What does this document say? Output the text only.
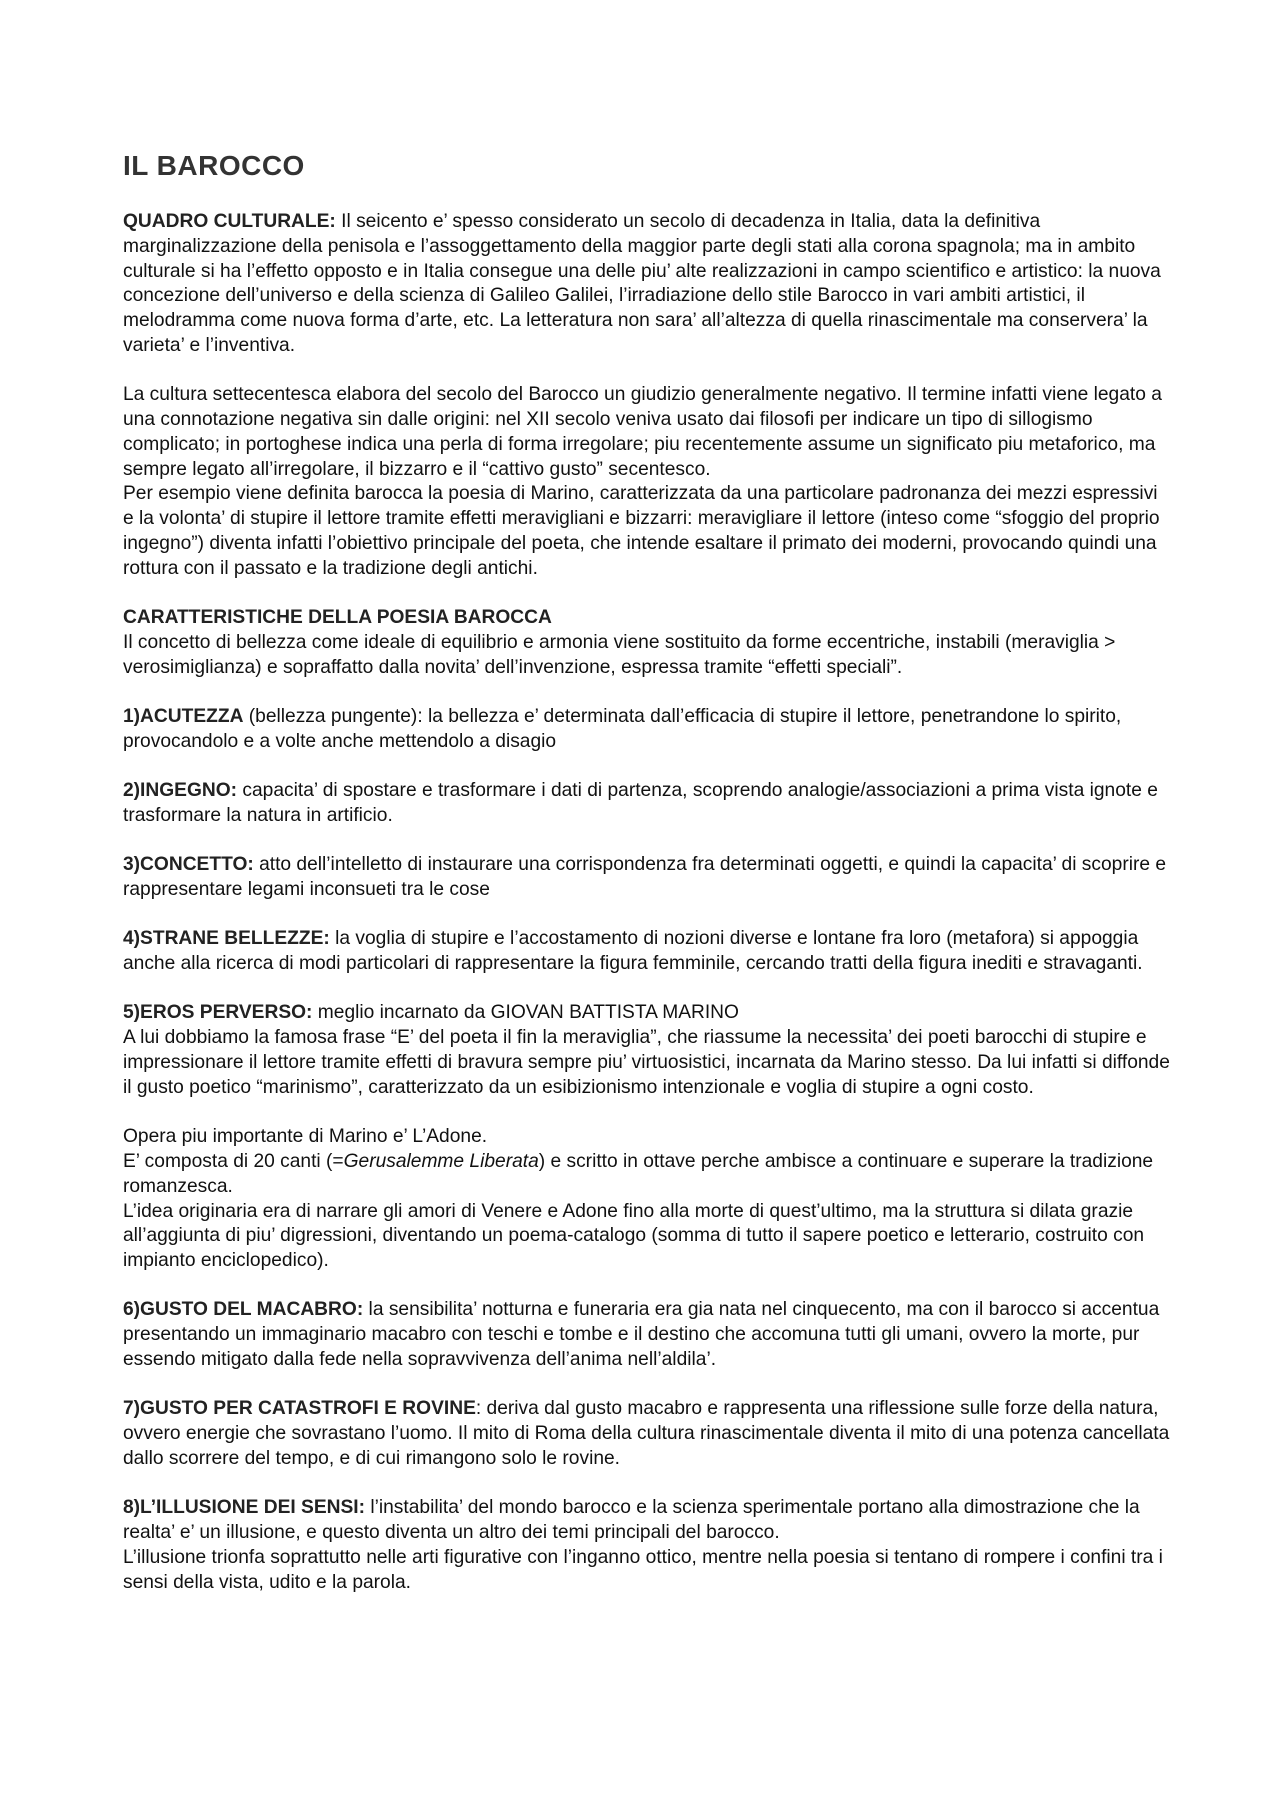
IL BAROCCO

QUADRO CULTURALE: Il seicento e’ spesso considerato un secolo di decadenza in Italia, data la definitiva marginalizzazione della penisola e l’assoggettamento della maggior parte degli stati alla corona spagnola; ma in ambito culturale si ha l’effetto opposto e in Italia consegue una delle piu’ alte realizzazioni in campo scientifico e artistico: la nuova concezione dell’universo e della scienza di Galileo Galilei, l’irradiazione dello stile Barocco in vari ambiti artistici, il melodramma come nuova forma d’arte, etc. La letteratura non sara’ all’altezza di quella rinascimentale ma conservera’ la varieta’ e l’inventiva.

La cultura settecentesca elabora del secolo del Barocco un giudizio generalmente negativo. Il termine infatti viene legato a una connotazione negativa sin dalle origini: nel XII secolo veniva usato dai filosofi per indicare un tipo di sillogismo complicato; in portoghese indica una perla di forma irregolare; piu recentemente assume un significato piu metaforico, ma sempre legato all’irregolare, il bizzarro e il “cattivo gusto” secentesco.
Per esempio viene definita barocca la poesia di Marino, caratterizzata da una particolare padronanza dei mezzi espressivi e la volonta’ di stupire il lettore tramite effetti meravigliani e bizzarri: meravigliare il lettore (inteso come “sfoggio del proprio ingegno”) diventa infatti l’obiettivo principale del poeta, che intende esaltare il primato dei moderni, provocando quindi una rottura con il passato e la tradizione degli antichi.

CARATTERISTICHE DELLA POESIA BAROCCA
Il concetto di bellezza come ideale di equilibrio e armonia viene sostituito da forme eccentriche, instabili (meraviglia > verosimiglianza) e sopraffatto dalla novita’ dell’invenzione, espressa tramite “effetti speciali”.

1)ACUTEZZA (bellezza pungente): la bellezza e’ determinata dall’efficacia di stupire il lettore, penetrandone lo spirito, provocandolo e a volte anche mettendolo a disagio

2)INGEGNO: capacita’ di spostare e trasformare i dati di partenza, scoprendo analogie/associazioni a prima vista ignote e trasformare la natura in artificio.

3)CONCETTO: atto dell’intelletto di instaurare una corrispondenza fra determinati oggetti, e quindi la capacita’ di scoprire e rappresentare legami inconsueti tra le cose

4)STRANE BELLEZZE: la voglia di stupire e l’accostamento di nozioni diverse e lontane fra loro (metafora) si appoggia anche alla ricerca di modi particolari di rappresentare la figura femminile, cercando tratti della figura inediti e stravaganti.

5)EROS PERVERSO: meglio incarnato da GIOVAN BATTISTA MARINO
A lui dobbiamo la famosa frase “E’ del poeta il fin la meraviglia”, che riassume la necessita’ dei poeti barocchi di stupire e impressionare il lettore tramite effetti di bravura sempre piu’ virtuosistici, incarnata da Marino stesso. Da lui infatti si diffonde il gusto poetico “marinismo”, caratterizzato da un esibizionismo intenzionale e voglia di stupire a ogni costo.

Opera piu importante di Marino e’ L’Adone.
E’ composta di 20 canti (=Gerusalemme Liberata) e scritto in ottave perche ambisce a continuare e superare la tradizione romanzesca.
L’idea originaria era di narrare gli amori di Venere e Adone fino alla morte di quest’ultimo, ma la struttura si dilata grazie all’aggiunta di piu’ digressioni, diventando un poema-catalogo (somma di tutto il sapere poetico e letterario, costruito con impianto enciclopedico).

6)GUSTO DEL MACABRO: la sensibilita’ notturna e funeraria era gia nata nel cinquecento, ma con il barocco si accentua presentando un immaginario macabro con teschi e tombe e il destino che accomuna tutti gli umani, ovvero la morte, pur essendo mitigato dalla fede nella sopravvivenza dell’anima nell’aldila’.

7)GUSTO PER CATASTROFI E ROVINE: deriva dal gusto macabro e rappresenta una riflessione sulle forze della natura, ovvero energie che sovrastano l’uomo. Il mito di Roma della cultura rinascimentale diventa il mito di una potenza cancellata dallo scorrere del tempo, e di cui rimangono solo le rovine.

8)L’ILLUSIONE DEI SENSI: l’instabilita’ del mondo barocco e la scienza sperimentale portano alla dimostrazione che la realta’ e’ un illusione, e questo diventa un altro dei temi principali del barocco.
L’illusione trionfa soprattutto nelle arti figurative con l’inganno ottico, mentre nella poesia si tentano di rompere i confini tra i sensi della vista, udito e la parola.
